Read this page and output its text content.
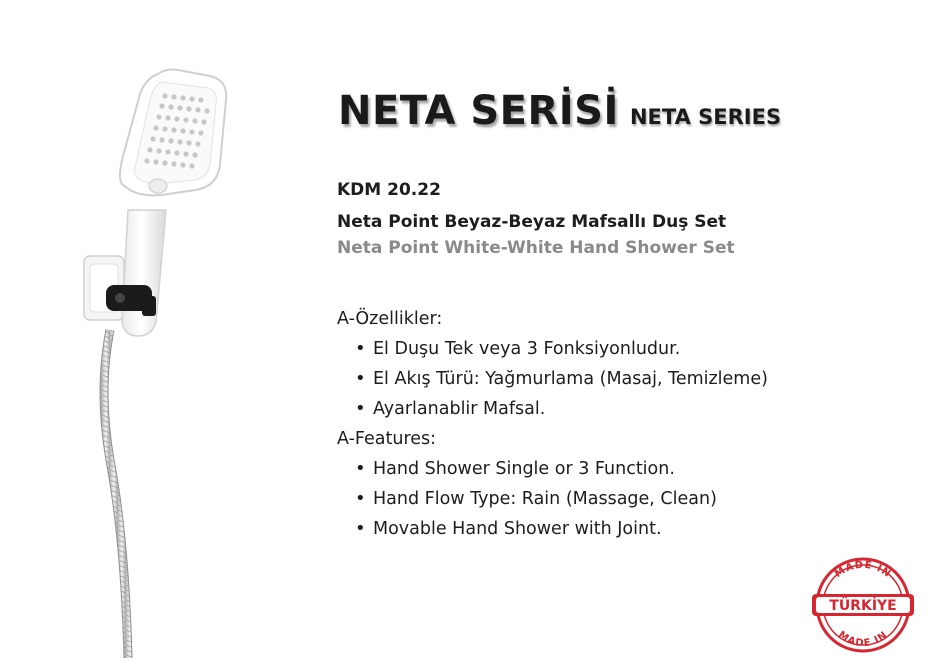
NETA SERİSİ NETA SERIES
KDM 20.22
Neta Point Beyaz-Beyaz Mafsallı Duş Set
Neta Point White-White Hand Shower Set
A-Özellikler:
• El Duşu Tek veya 3 Fonksiyonludur.
• El Akış Türü: Yağmurlama (Masaj, Temizleme)
• Ayarlanablir Mafsal.
A-Features:
• Hand Shower Single or 3 Function.
• Hand Flow Type: Rain (Massage, Clean)
• Movable Hand Shower with Joint.
MADE IN
TÜRKİYE
MADE IN
